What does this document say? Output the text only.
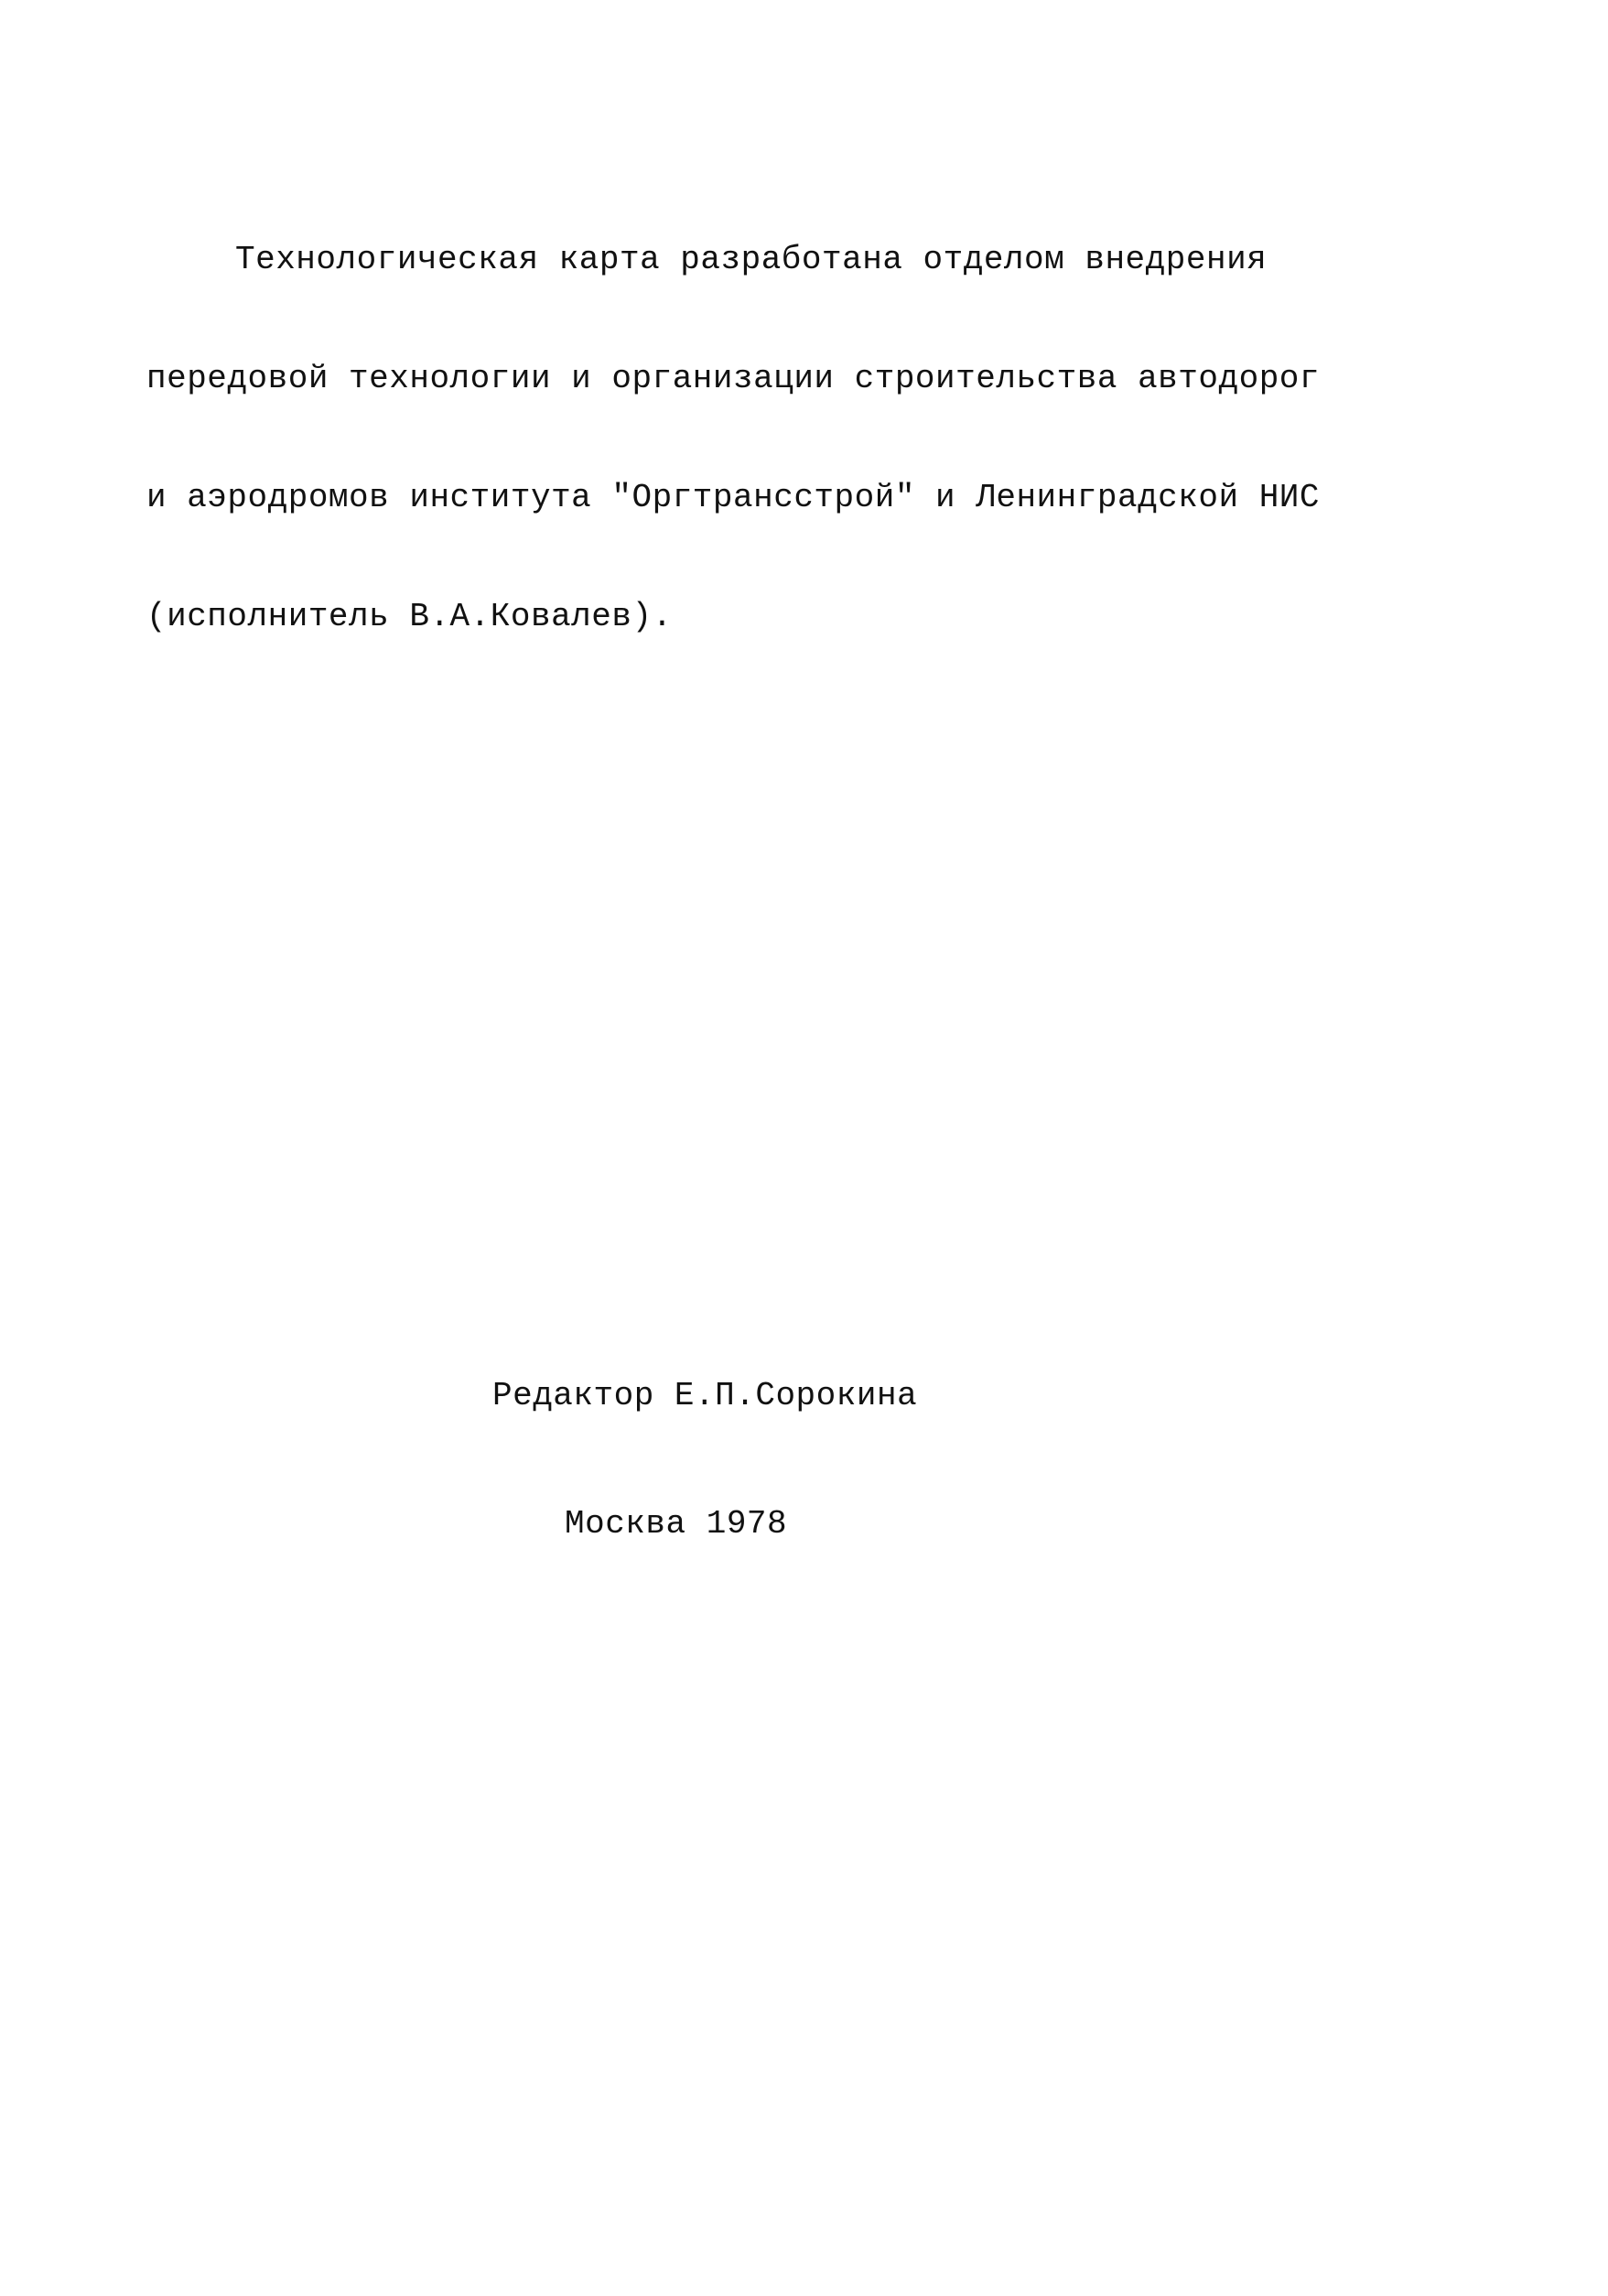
Технологическая карта разработана отделом внедрения

передовой технологии и организации строительства автодорог

и аэродромов института "Оргтрансстрой" и Ленинградской НИС

(исполнитель В.А.Ковалев).

Редактор Е.П.Сорокина

Москва 1978
